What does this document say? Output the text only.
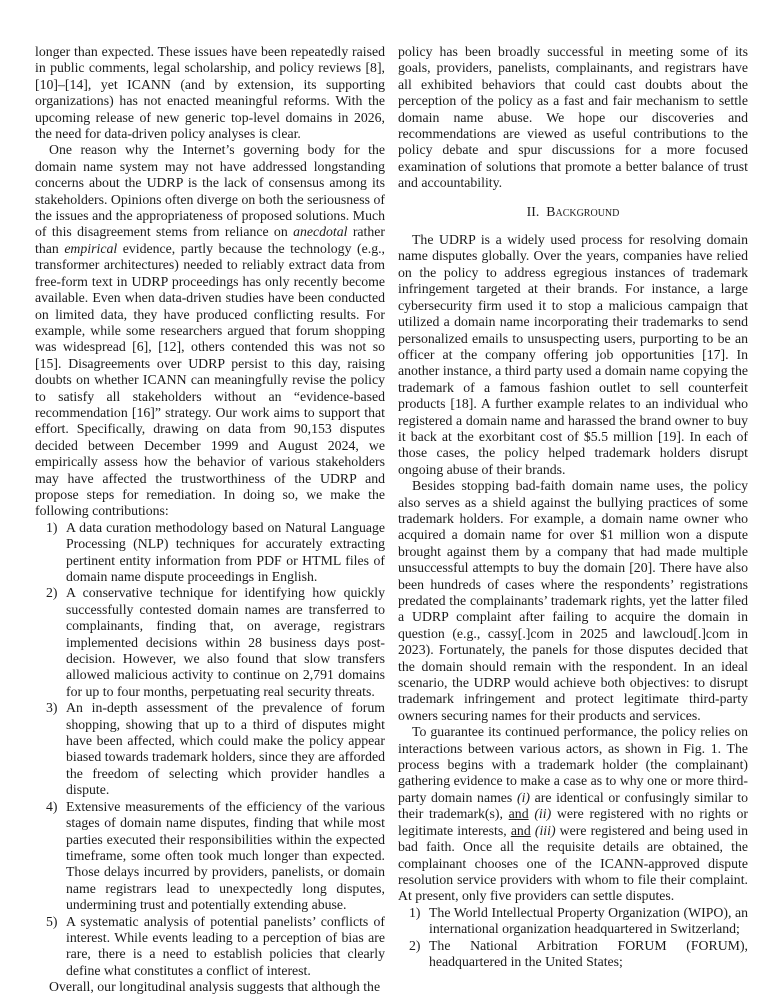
longer than expected. These issues have been repeatedly raised in public comments, legal scholarship, and policy reviews [8], [10]–[14], yet ICANN (and by extension, its supporting organizations) has not enacted meaningful reforms. With the upcoming release of new generic top-level domains in 2026, the need for data-driven policy analyses is clear.

One reason why the Internet’s governing body for the domain name system may not have addressed longstanding concerns about the UDRP is the lack of consensus among its stakeholders. Opinions often diverge on both the seriousness of the issues and the appropriateness of proposed solutions. Much of this disagreement stems from reliance on anecdotal rather than empirical evidence, partly because the technology (e.g., transformer architectures) needed to reliably extract data from free-form text in UDRP proceedings has only recently become available. Even when data-driven studies have been conducted on limited data, they have produced conflicting results. For example, while some researchers argued that forum shopping was widespread [6], [12], others contended this was not so [15]. Disagreements over UDRP persist to this day, raising doubts on whether ICANN can meaningfully revise the policy to satisfy all stakeholders without an “evidence-based recommendation [16]” strategy. Our work aims to support that effort. Specifically, drawing on data from 90,153 disputes decided between December 1999 and August 2024, we empirically assess how the behavior of various stakeholders may have affected the trustworthiness of the UDRP and propose steps for remediation. In doing so, we make the following contributions:

1) A data curation methodology based on Natural Language Processing (NLP) techniques for accurately extracting pertinent entity information from PDF or HTML files of domain name dispute proceedings in English.
2) A conservative technique for identifying how quickly successfully contested domain names are transferred to complainants, finding that, on average, registrars implemented decisions within 28 business days post-decision. However, we also found that slow transfers allowed malicious activity to continue on 2,791 domains for up to four months, perpetuating real security threats.
3) An in-depth assessment of the prevalence of forum shopping, showing that up to a third of disputes might have been affected, which could make the policy appear biased towards trademark holders, since they are afforded the freedom of selecting which provider handles a dispute.
4) Extensive measurements of the efficiency of the various stages of domain name disputes, finding that while most parties executed their responsibilities within the expected timeframe, some often took much longer than expected. Those delays incurred by providers, panelists, or domain name registrars lead to unexpectedly long disputes, undermining trust and potentially extending abuse.
5) A systematic analysis of potential panelists’ conflicts of interest. While events leading to a perception of bias are rare, there is a need to establish policies that clearly define what constitutes a conflict of interest.

Overall, our longitudinal analysis suggests that although the

policy has been broadly successful in meeting some of its goals, providers, panelists, complainants, and registrars have all exhibited behaviors that could cast doubts about the perception of the policy as a fast and fair mechanism to settle domain name abuse. We hope our discoveries and recommendations are viewed as useful contributions to the policy debate and spur discussions for a more focused examination of solutions that promote a better balance of trust and accountability.

II. Background

The UDRP is a widely used process for resolving domain name disputes globally. Over the years, companies have relied on the policy to address egregious instances of trademark infringement targeted at their brands. For instance, a large cybersecurity firm used it to stop a malicious campaign that utilized a domain name incorporating their trademarks to send personalized emails to unsuspecting users, purporting to be an officer at the company offering job opportunities [17]. In another instance, a third party used a domain name copying the trademark of a famous fashion outlet to sell counterfeit products [18]. A further example relates to an individual who registered a domain name and harassed the brand owner to buy it back at the exorbitant cost of $5.5 million [19]. In each of those cases, the policy helped trademark holders disrupt ongoing abuse of their brands.

Besides stopping bad-faith domain name uses, the policy also serves as a shield against the bullying practices of some trademark holders. For example, a domain name owner who acquired a domain name for over $1 million won a dispute brought against them by a company that had made multiple unsuccessful attempts to buy the domain [20]. There have also been hundreds of cases where the respondents’ registrations predated the complainants’ trademark rights, yet the latter filed a UDRP complaint after failing to acquire the domain in question (e.g., cassy[.]com in 2025 and lawcloud[.]com in 2023). Fortunately, the panels for those disputes decided that the domain should remain with the respondent. In an ideal scenario, the UDRP would achieve both objectives: to disrupt trademark infringement and protect legitimate third-party owners securing names for their products and services.

To guarantee its continued performance, the policy relies on interactions between various actors, as shown in Fig. 1. The process begins with a trademark holder (the complainant) gathering evidence to make a case as to why one or more third-party domain names (i) are identical or confusingly similar to their trademark(s), and (ii) were registered with no rights or legitimate interests, and (iii) were registered and being used in bad faith. Once all the requisite details are obtained, the complainant chooses one of the ICANN-approved dispute resolution service providers with whom to file their complaint. At present, only five providers can settle disputes.

1) The World Intellectual Property Organization (WIPO), an international organization headquartered in Switzerland;
2) The National Arbitration FORUM (FORUM), headquartered in the United States;
